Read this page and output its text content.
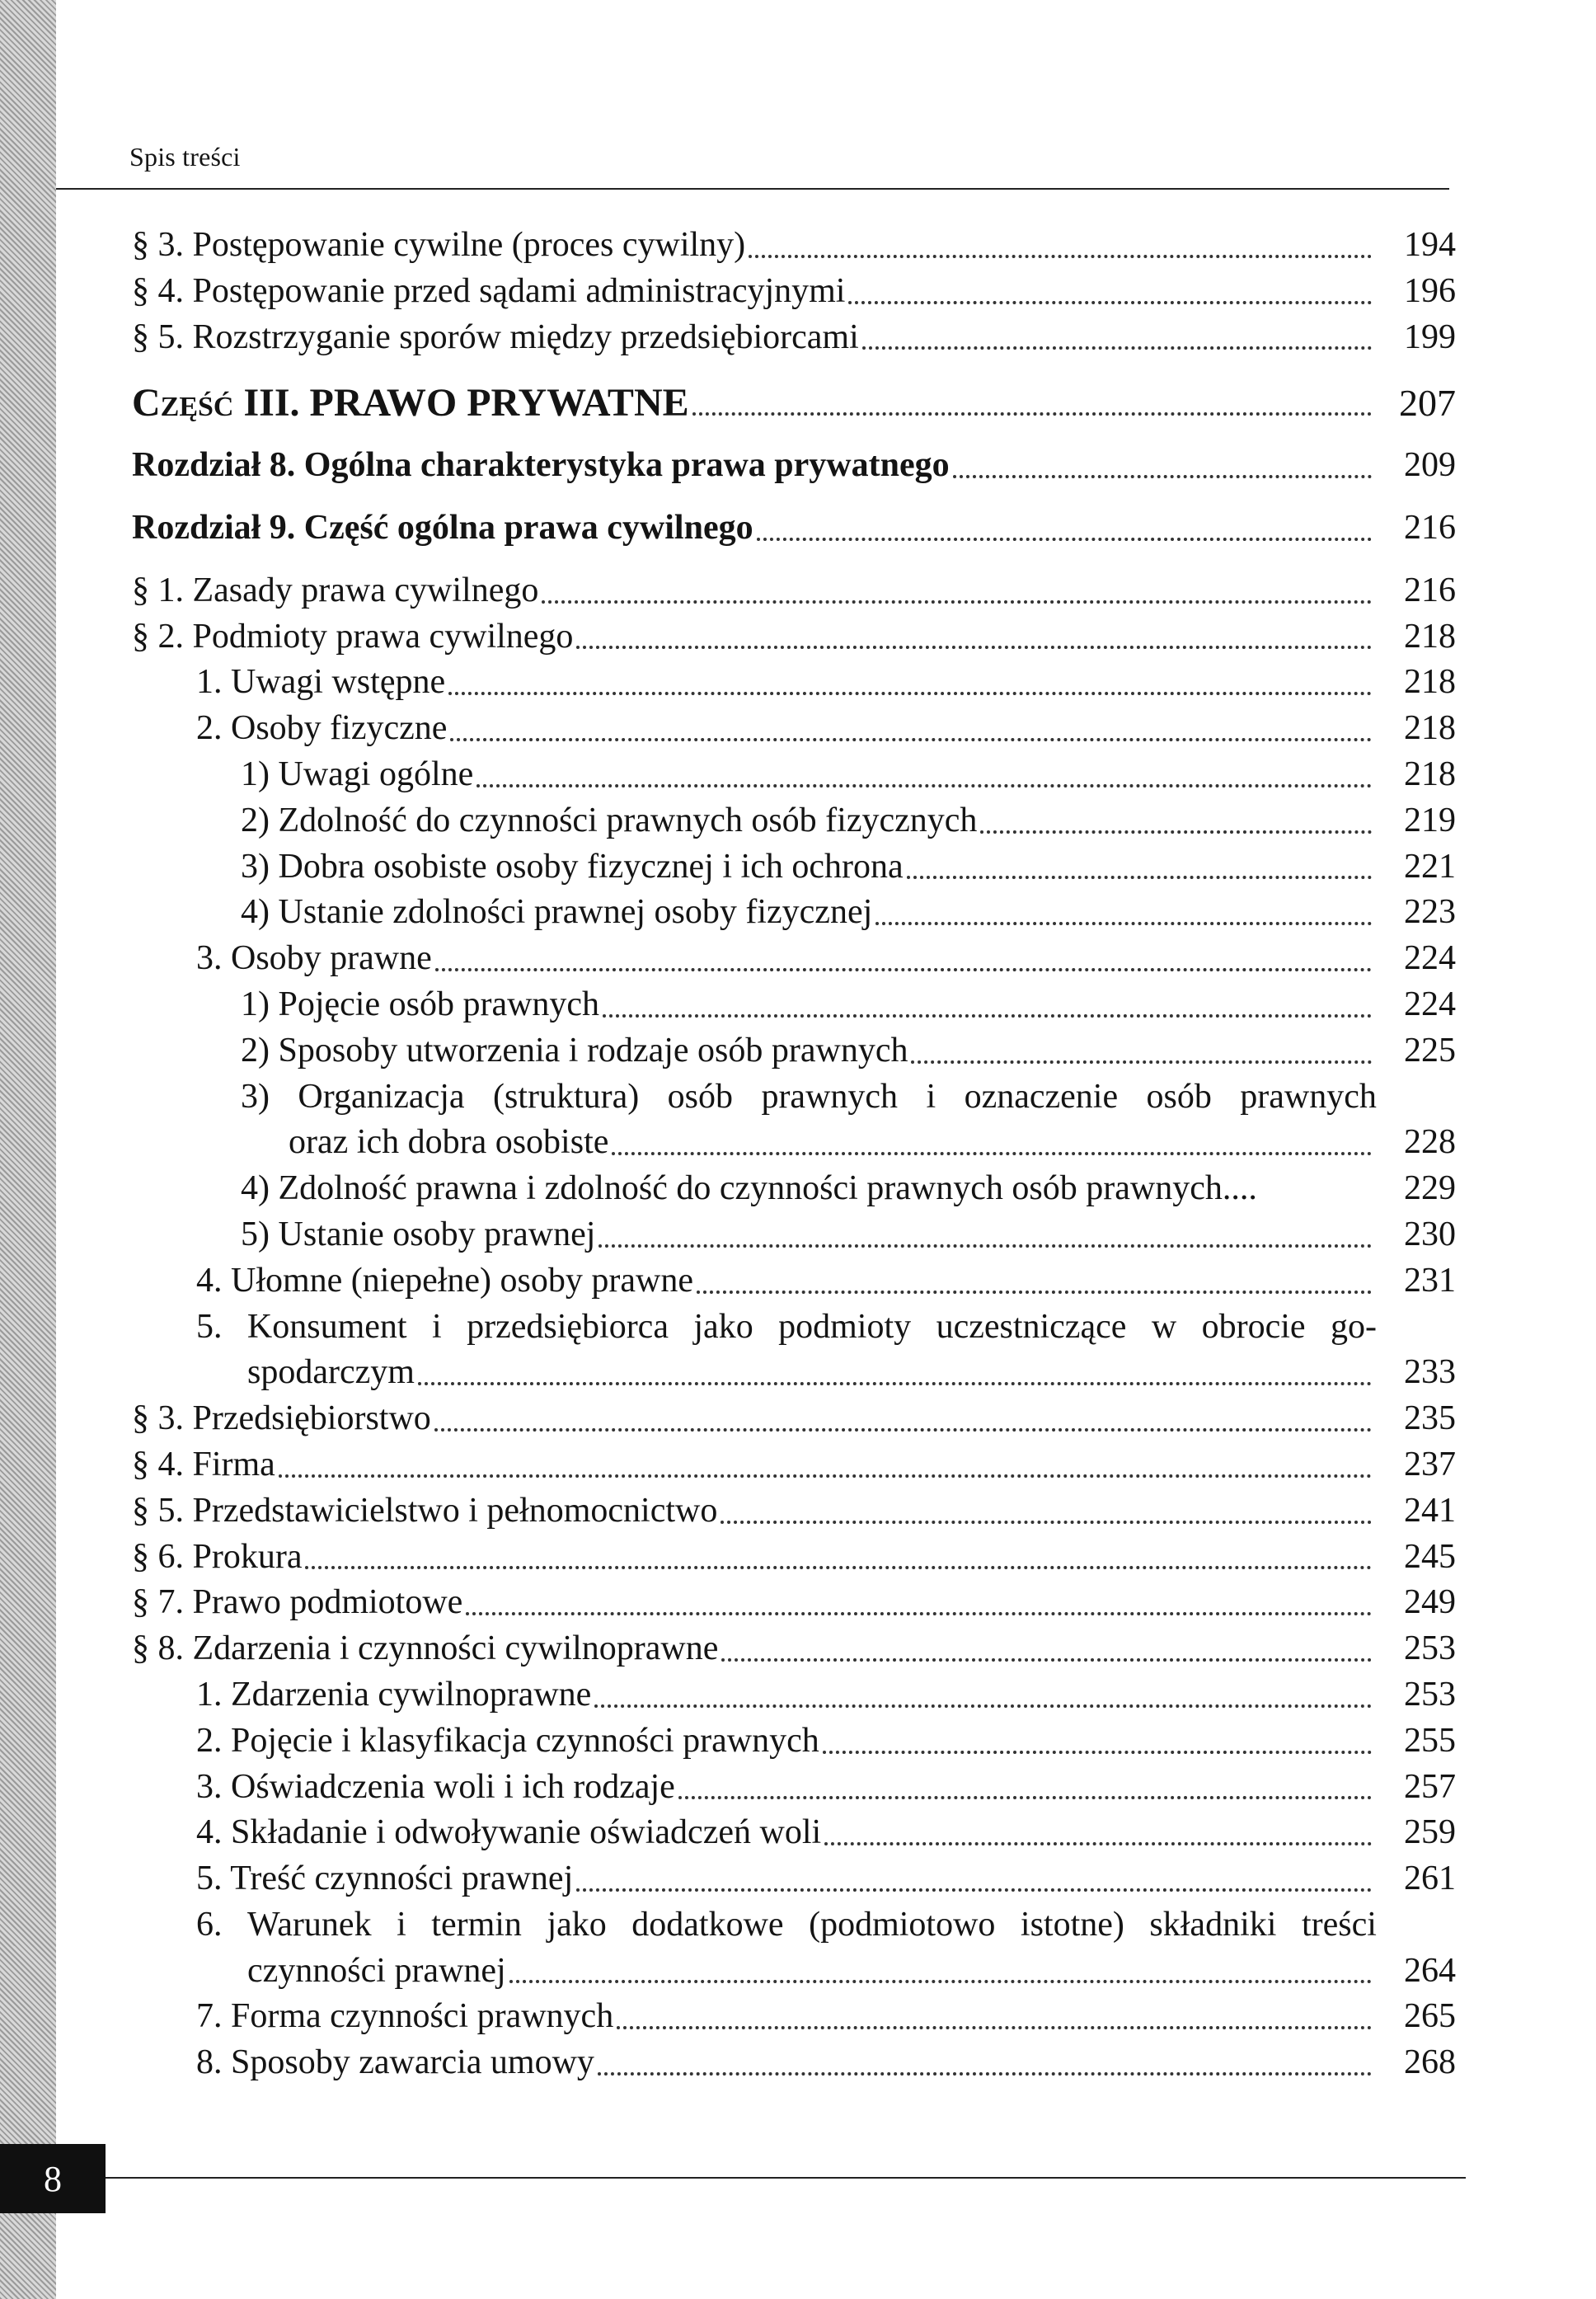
Spis treści
§ 3. Postępowanie cywilne (proces cywilny)	194
§ 4. Postępowanie przed sądami administracyjnymi	196
§ 5. Rozstrzyganie sporów między przedsiębiorcami	199
Część III. PRAWO PRYWATNE	207
Rozdział 8. Ogólna charakterystyka prawa prywatnego	209
Rozdział 9. Część ogólna prawa cywilnego	216
§ 1. Zasady prawa cywilnego	216
§ 2. Podmioty prawa cywilnego	218
1. Uwagi wstępne	218
2. Osoby fizyczne	218
1) Uwagi ogólne	218
2) Zdolność do czynności prawnych osób fizycznych	219
3) Dobra osobiste osoby fizycznej i ich ochrona	221
4) Ustanie zdolności prawnej osoby fizycznej	223
3. Osoby prawne	224
1) Pojęcie osób prawnych	224
2) Sposoby utworzenia i rodzaje osób prawnych	225
3) Organizacja (struktura) osób prawnych i oznaczenie osób prawnych
oraz ich dobra osobiste	228
4) Zdolność prawna i zdolność do czynności prawnych osób prawnych....	229
5) Ustanie osoby prawnej	230
4. Ułomne (niepełne) osoby prawne	231
5. Konsument i przedsiębiorca jako podmioty uczestniczące w obrocie go-
spodarczym	233
§ 3. Przedsiębiorstwo	235
§ 4. Firma	237
§ 5. Przedstawicielstwo i pełnomocnictwo	241
§ 6. Prokura	245
§ 7. Prawo podmiotowe	249
§ 8. Zdarzenia i czynności cywilnoprawne	253
1. Zdarzenia cywilnoprawne	253
2. Pojęcie i klasyfikacja czynności prawnych	255
3. Oświadczenia woli i ich rodzaje	257
4. Składanie i odwoływanie oświadczeń woli	259
5. Treść czynności prawnej	261
6. Warunek i termin jako dodatkowe (podmiotowo istotne) składniki treści
czynności prawnej	264
7. Forma czynności prawnych	265
8. Sposoby zawarcia umowy	268
8
